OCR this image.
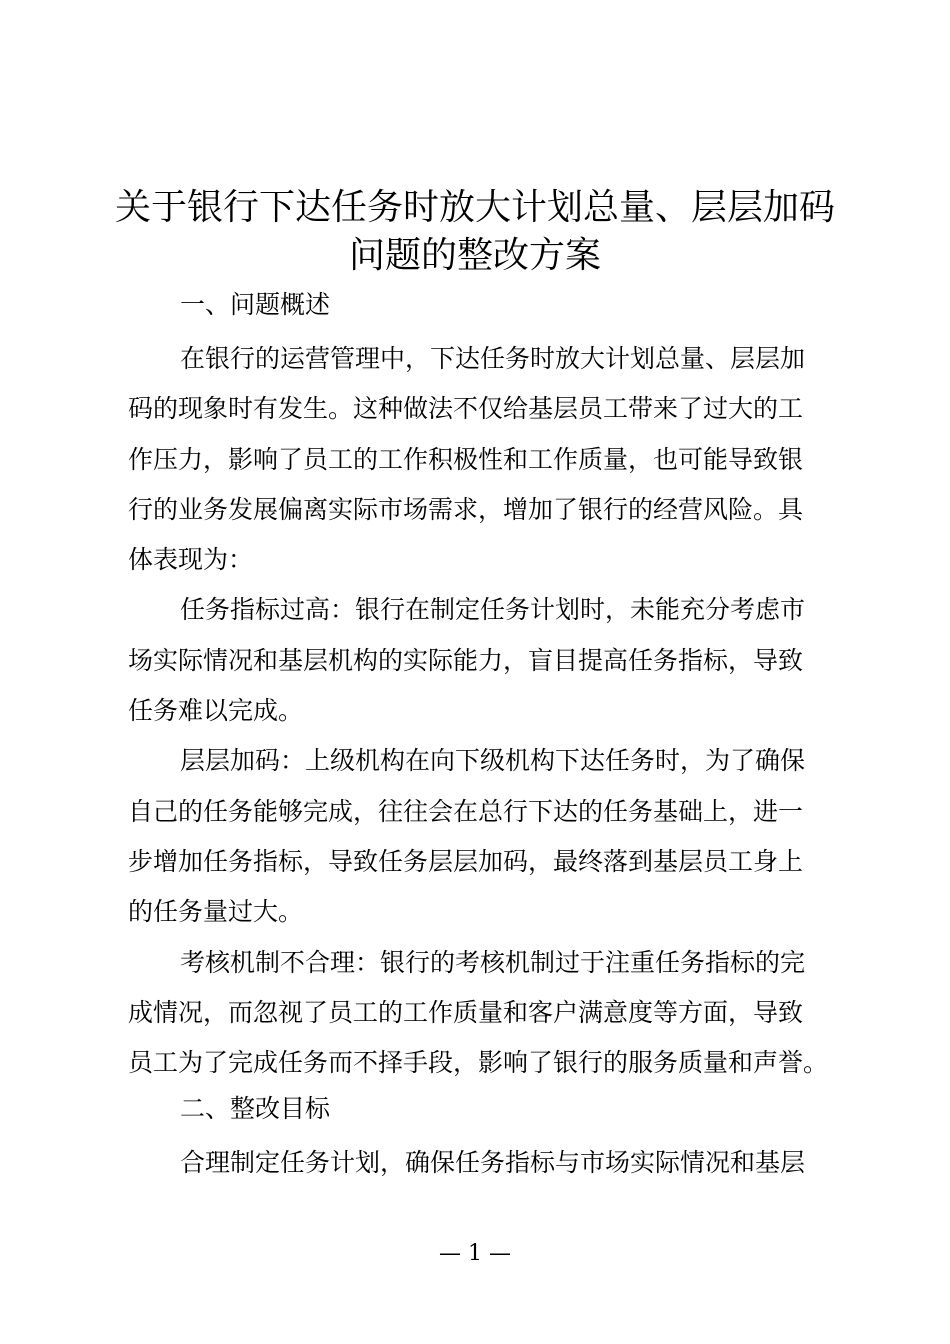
关于银行下达任务时放大计划总量、层层加码
问题的整改方案

一、问题概述

在银行的运营管理中，下达任务时放大计划总量、层层加
码的现象时有发生。这种做法不仅给基层员工带来了过大的工
作压力，影响了员工的工作积极性和工作质量，也可能导致银
行的业务发展偏离实际市场需求，增加了银行的经营风险。具
体表现为：

任务指标过高：银行在制定任务计划时，未能充分考虑市
场实际情况和基层机构的实际能力，盲目提高任务指标，导致
任务难以完成。

层层加码：上级机构在向下级机构下达任务时，为了确保
自己的任务能够完成，往往会在总行下达的任务基础上，进一
步增加任务指标，导致任务层层加码，最终落到基层员工身上
的任务量过大。

考核机制不合理：银行的考核机制过于注重任务指标的完
成情况，而忽视了员工的工作质量和客户满意度等方面，导致
员工为了完成任务而不择手段，影响了银行的服务质量和声誉。

二、整改目标

合理制定任务计划，确保任务指标与市场实际情况和基层

— 1 —
